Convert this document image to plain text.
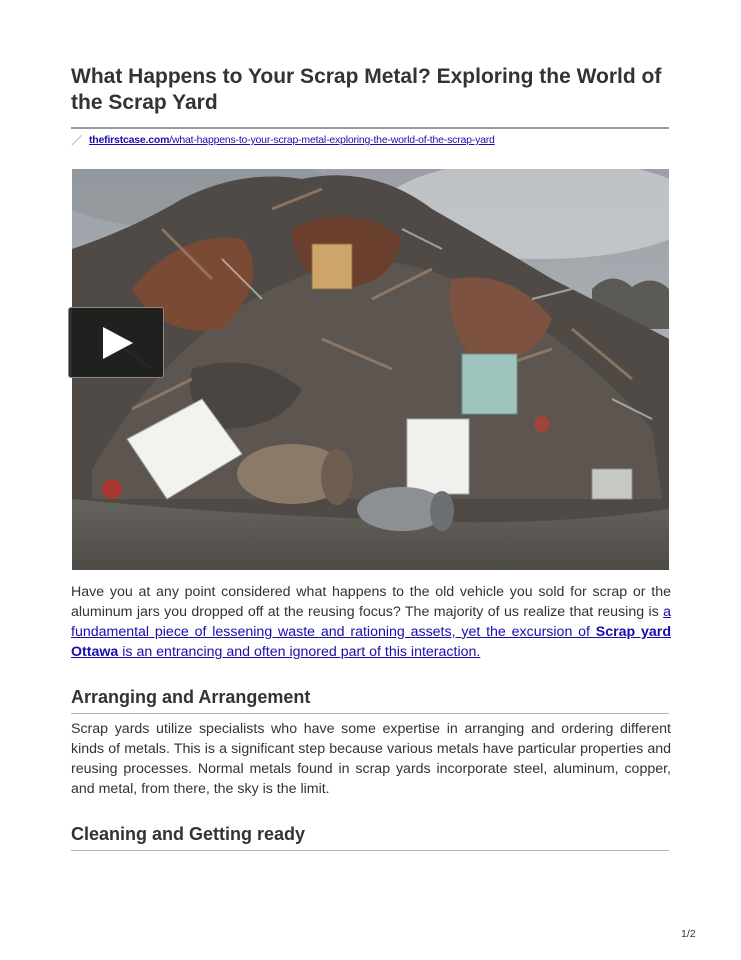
What Happens to Your Scrap Metal? Exploring the World of the Scrap Yard
thefirstcase.com/what-happens-to-your-scrap-metal-exploring-the-world-of-the-scrap-yard

Have you at any point considered what happens to the old vehicle you sold for scrap or the aluminum jars you dropped off at the reusing focus? The majority of us realize that reusing is a fundamental piece of lessening waste and rationing assets, yet the excursion of Scrap yard Ottawa is an entrancing and often ignored part of this interaction.

Arranging and Arrangement

Scrap yards utilize specialists who have some expertise in arranging and ordering different kinds of metals. This is a significant step because various metals have particular properties and reusing processes. Normal metals found in scrap yards incorporate steel, aluminum, copper, and metal, from there, the sky is the limit.

Cleaning and Getting ready
1/2
